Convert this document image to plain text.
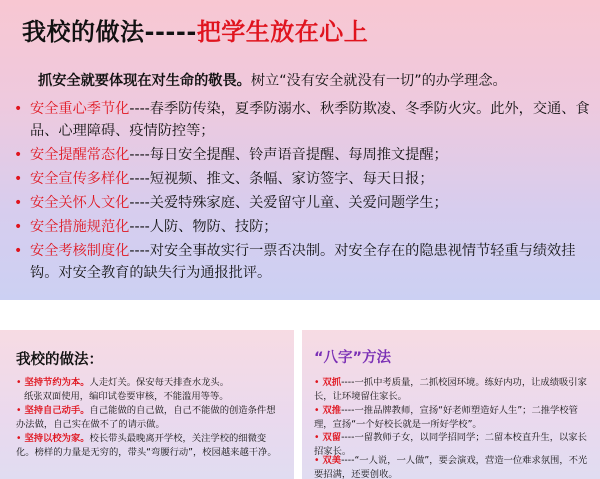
我校的做法-----把学生放在心上
抓安全就要体现在对生命的敬畏。树立“没有安全就没有一切”的办学理念。
• 安全重心季节化----春季防传染，夏季防溺水、秋季防欺凌、冬季防火灾。此外，交通、食品、心理障碍、疫情防控等；
• 安全提醒常态化----每日安全提醒、铃声语音提醒、每周推文提醒；
• 安全宣传多样化----短视频、推文、条幅、家访签字、每天日报；
• 安全关怀人文化----关爱特殊家庭、关爱留守儿童、关爱问题学生；
• 安全措施规范化----人防、物防、技防；
• 安全考核制度化----对安全事故实行一票否决制。对安全存在的隐患视情节轻重与绩效挂钩。对安全教育的缺失行为通报批评。
我校的做法：
• 坚持节约为本。人走灯关。保安每天排查水龙头。
纸张双面使用，编印试卷要审核，不能滥用等等。
• 坚持自己动手。自己能做的自己做，自己不能做的创造条件想办法做，自己实在做不了的请示做。
• 坚持以校为家。校长带头最晚离开学校，关注学校的细微变化。榜样的力量是无穷的，带头“弯腰行动”，校园越来越干净。
“八字”方法
• 双抓----一抓中考质量，二抓校园环境。练好内功，让成绩吸引家长，让环境留住家长。
• 双推----一推品牌教师，宣扬“好老师塑造好人生”；二推学校管理，宣扬“一个好校长就是一所好学校”。
• 双留----一留教师子女，以同学招同学；二留本校直升生，以家长招家长。
• 双美----“一人说，一人做”，要会演戏，营造一位难求氛围，不光要招满，还要创收。
